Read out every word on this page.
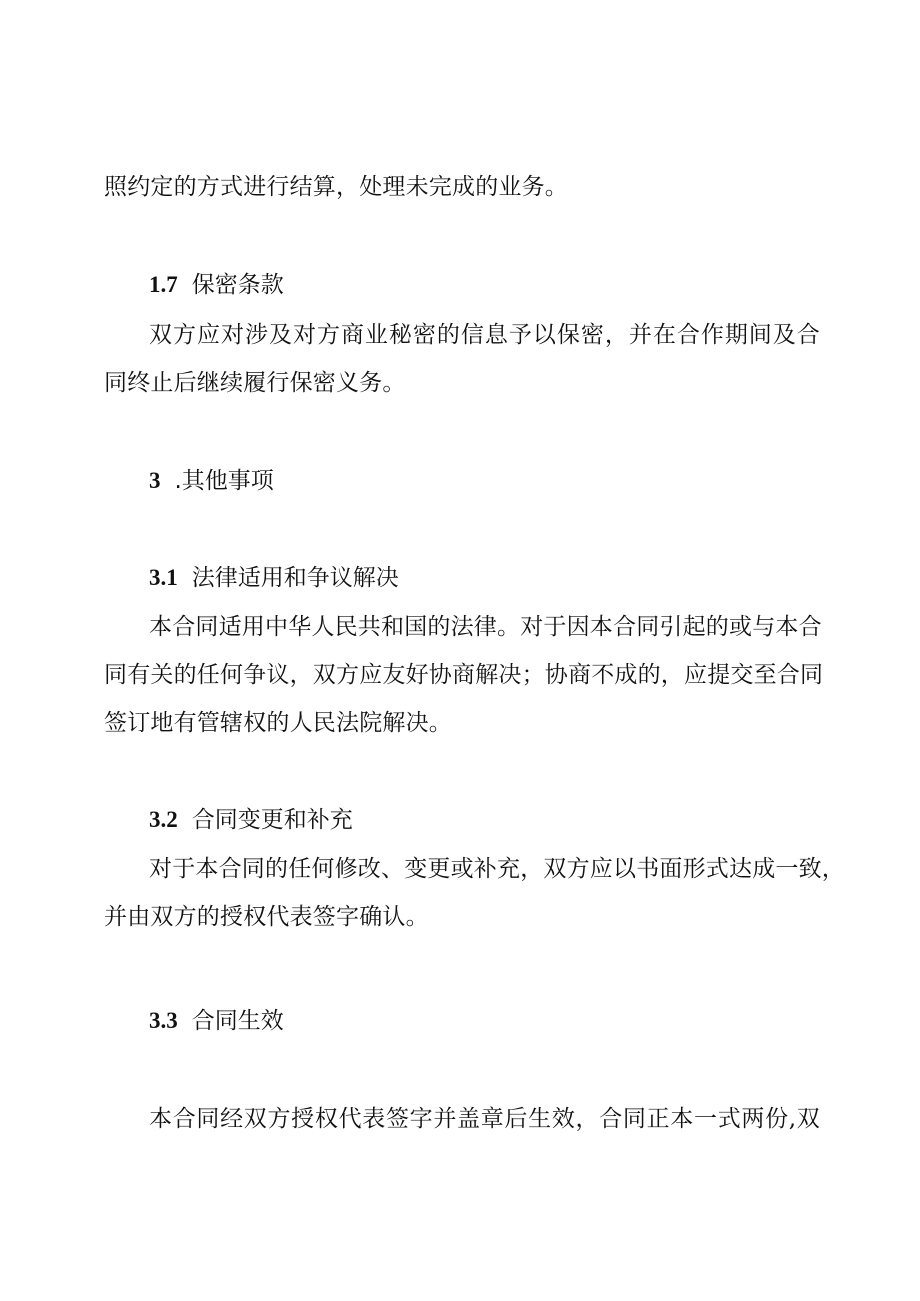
照约定的方式进行结算，处理未完成的业务。
1.7 保密条款
双方应对涉及对方商业秘密的信息予以保密，并在合作期间及合
同终止后继续履行保密义务。
3 .其他事项
3.1 法律适用和争议解决
本合同适用中华人民共和国的法律。对于因本合同引起的或与本合
同有关的任何争议，双方应友好协商解决；协商不成的，应提交至合同
签订地有管辖权的人民法院解决。
3.2 合同变更和补充
对于本合同的任何修改、变更或补充，双方应以书面形式达成一致，
并由双方的授权代表签字确认。
3.3 合同生效
本合同经双方授权代表签字并盖章后生效，合同正本一式两份,双
